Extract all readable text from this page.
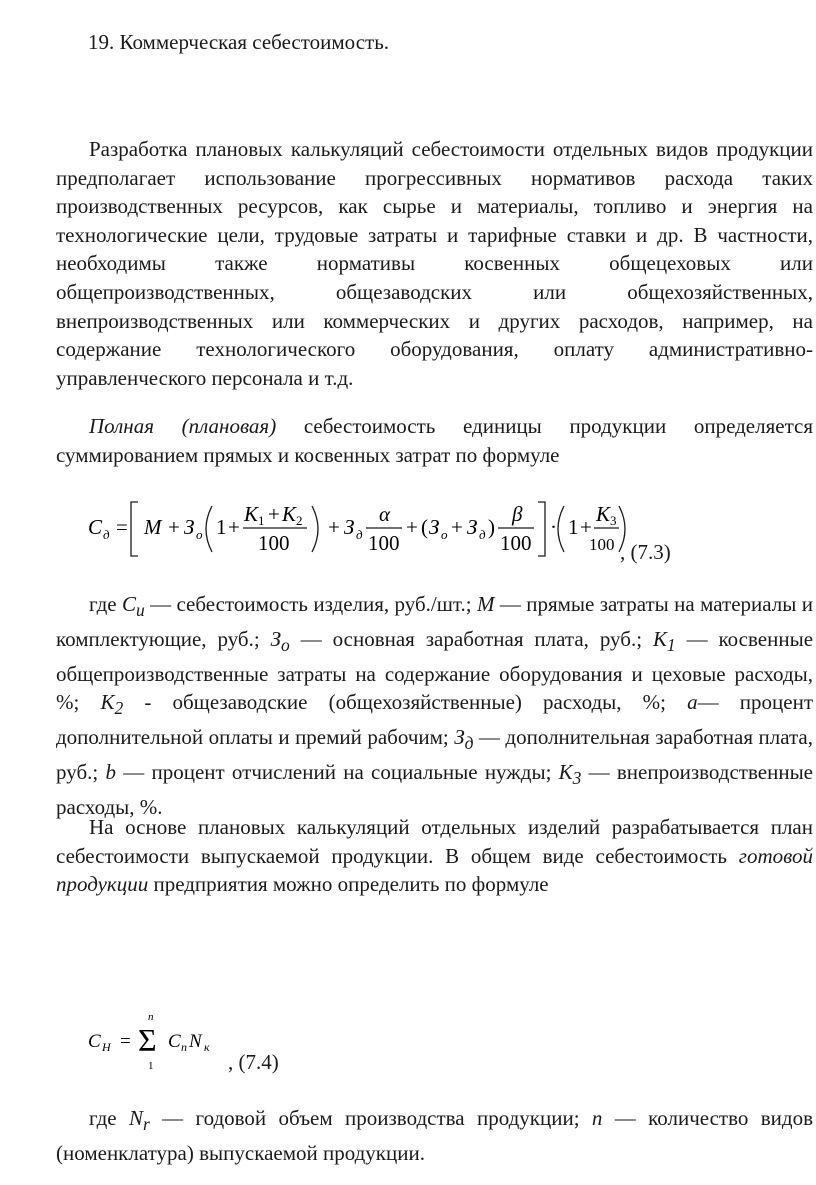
19. Коммерческая себестоимость.

Разработка плановых калькуляций себестоимости отдельных видов продукции предполагает использование прогрессивных нормативов расхода таких производственных ресурсов, как сырье и материалы, топливо и энергия на технологические цели, трудовые затраты и тарифные ставки и др. В частности, необходимы также нормативы косвенных общецеховых или общепроизводственных, общезаводских или общехозяйственных, внепроизводственных или коммерческих и других расходов, например, на содержание технологического оборудования, оплату административно-управленческого персонала и т.д.

Полная (плановая) себестоимость единицы продукции определяется суммированием прямых и косвенных затрат по формуле

С д = М + З о 1 +
K 1 + K 2
100
+ З д
α
100
+ ( З о + З д )
β
100
· 1 +
K 3
100 , (7.3)

где $С_и$ — себестоимость изделия, руб./шт.; М — прямые затраты на материалы и комплектующие, руб.; $З_о$ — основная заработная плата, руб.; $К_1$ — косвенные общепроизводственные затраты на содержание оборудования и цеховые расходы, %; $К_2$ - общезаводские (общехозяйственные) расходы, %; a— процент дополнительной оплаты и премий рабочим; $З_д$ — дополнительная заработная плата, руб.; b — процент отчислений на социальные нужды; $К_3$ — внепроизводственные расходы, %.

На основе плановых калькуляций отдельных изделий разрабатывается план себестоимости выпускаемой продукции. В общем виде себестоимость готовой продукции предприятия можно определить по формуле

С Н =
n
Σ
1
С п N к
, (7.4)

где $N_r$ — годовой объем производства продукции; n — количество видов (номенклатура) выпускаемой продукции.
